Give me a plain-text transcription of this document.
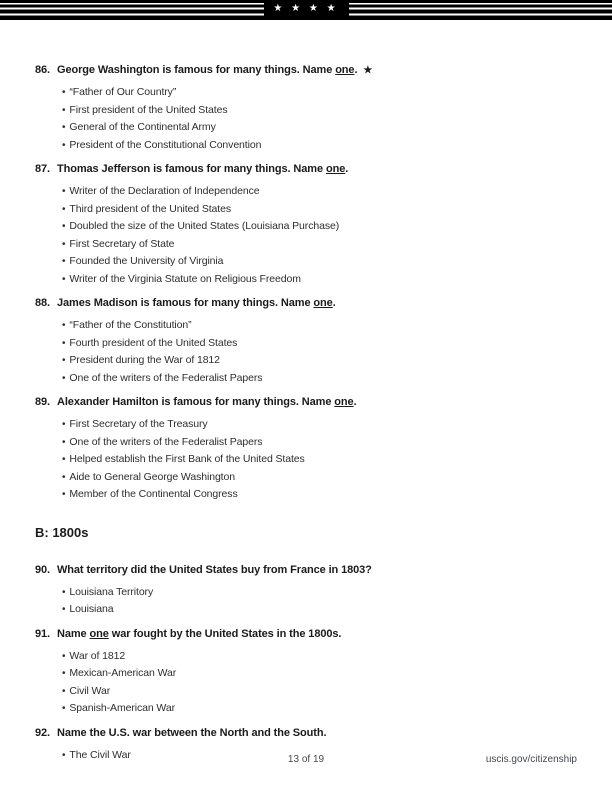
★ ★ ★ ★
86. George Washington is famous for many things. Name one. ★
• “Father of Our Country”
• First president of the United States
• General of the Continental Army
• President of the Constitutional Convention
87. Thomas Jefferson is famous for many things. Name one.
• Writer of the Declaration of Independence
• Third president of the United States
• Doubled the size of the United States (Louisiana Purchase)
• First Secretary of State
• Founded the University of Virginia
• Writer of the Virginia Statute on Religious Freedom
88. James Madison is famous for many things. Name one.
• “Father of the Constitution”
• Fourth president of the United States
• President during the War of 1812
• One of the writers of the Federalist Papers
89. Alexander Hamilton is famous for many things. Name one.
• First Secretary of the Treasury
• One of the writers of the Federalist Papers
• Helped establish the First Bank of the United States
• Aide to General George Washington
• Member of the Continental Congress
B: 1800s
90. What territory did the United States buy from France in 1803?
• Louisiana Territory
• Louisiana
91. Name one war fought by the United States in the 1800s.
• War of 1812
• Mexican-American War
• Civil War
• Spanish-American War
92. Name the U.S. war between the North and the South.
• The Civil War	13 of 19	uscis.gov/citizenship
